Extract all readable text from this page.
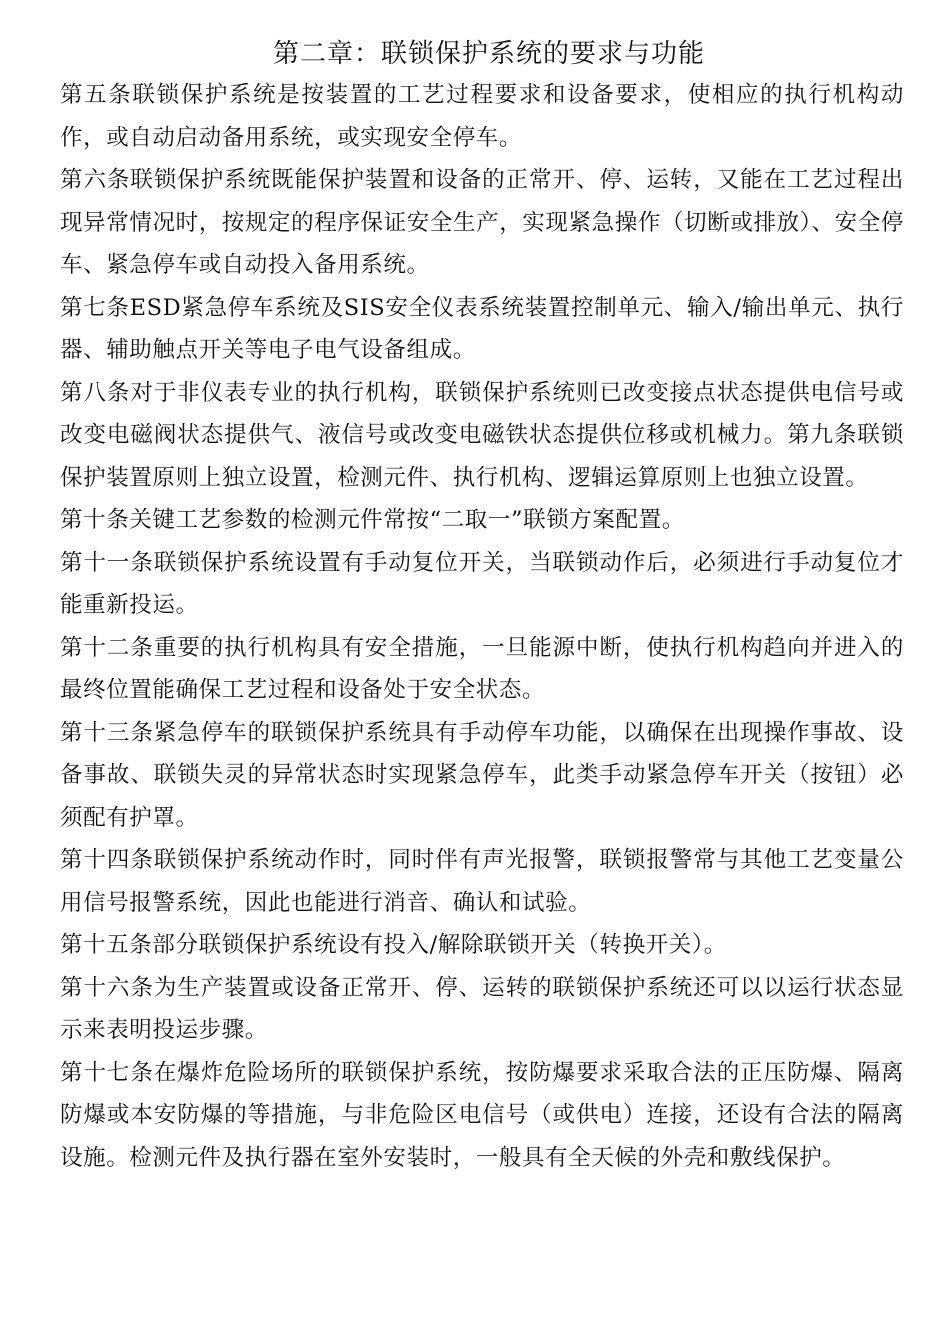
第二章：联锁保护系统的要求与功能

第五条联锁保护系统是按装置的工艺过程要求和设备要求，使相应的执行机构动作，或自动启动备用系统，或实现安全停车。

第六条联锁保护系统既能保护装置和设备的正常开、停、运转，又能在工艺过程出现异常情况时，按规定的程序保证安全生产，实现紧急操作（切断或排放）、安全停车、紧急停车或自动投入备用系统。

第七条ESD紧急停车系统及SIS安全仪表系统装置控制单元、输入/输出单元、执行器、辅助触点开关等电子电气设备组成。

第八条对于非仪表专业的执行机构，联锁保护系统则已改变接点状态提供电信号或改变电磁阀状态提供气、液信号或改变电磁铁状态提供位移或机械力。第九条联锁保护装置原则上独立设置，检测元件、执行机构、逻辑运算原则上也独立设置。

第十条关键工艺参数的检测元件常按“二取一”联锁方案配置。

第十一条联锁保护系统设置有手动复位开关，当联锁动作后，必须进行手动复位才能重新投运。

第十二条重要的执行机构具有安全措施，一旦能源中断，使执行机构趋向并进入的最终位置能确保工艺过程和设备处于安全状态。

第十三条紧急停车的联锁保护系统具有手动停车功能，以确保在出现操作事故、设备事故、联锁失灵的异常状态时实现紧急停车，此类手动紧急停车开关（按钮）必须配有护罩。

第十四条联锁保护系统动作时，同时伴有声光报警，联锁报警常与其他工艺变量公用信号报警系统，因此也能进行消音、确认和试验。

第十五条部分联锁保护系统设有投入/解除联锁开关（转换开关）。

第十六条为生产装置或设备正常开、停、运转的联锁保护系统还可以以运行状态显示来表明投运步骤。

第十七条在爆炸危险场所的联锁保护系统，按防爆要求采取合法的正压防爆、隔离防爆或本安防爆的等措施，与非危险区电信号（或供电）连接，还设有合法的隔离设施。检测元件及执行器在室外安装时，一般具有全天候的外壳和敷线保护。
